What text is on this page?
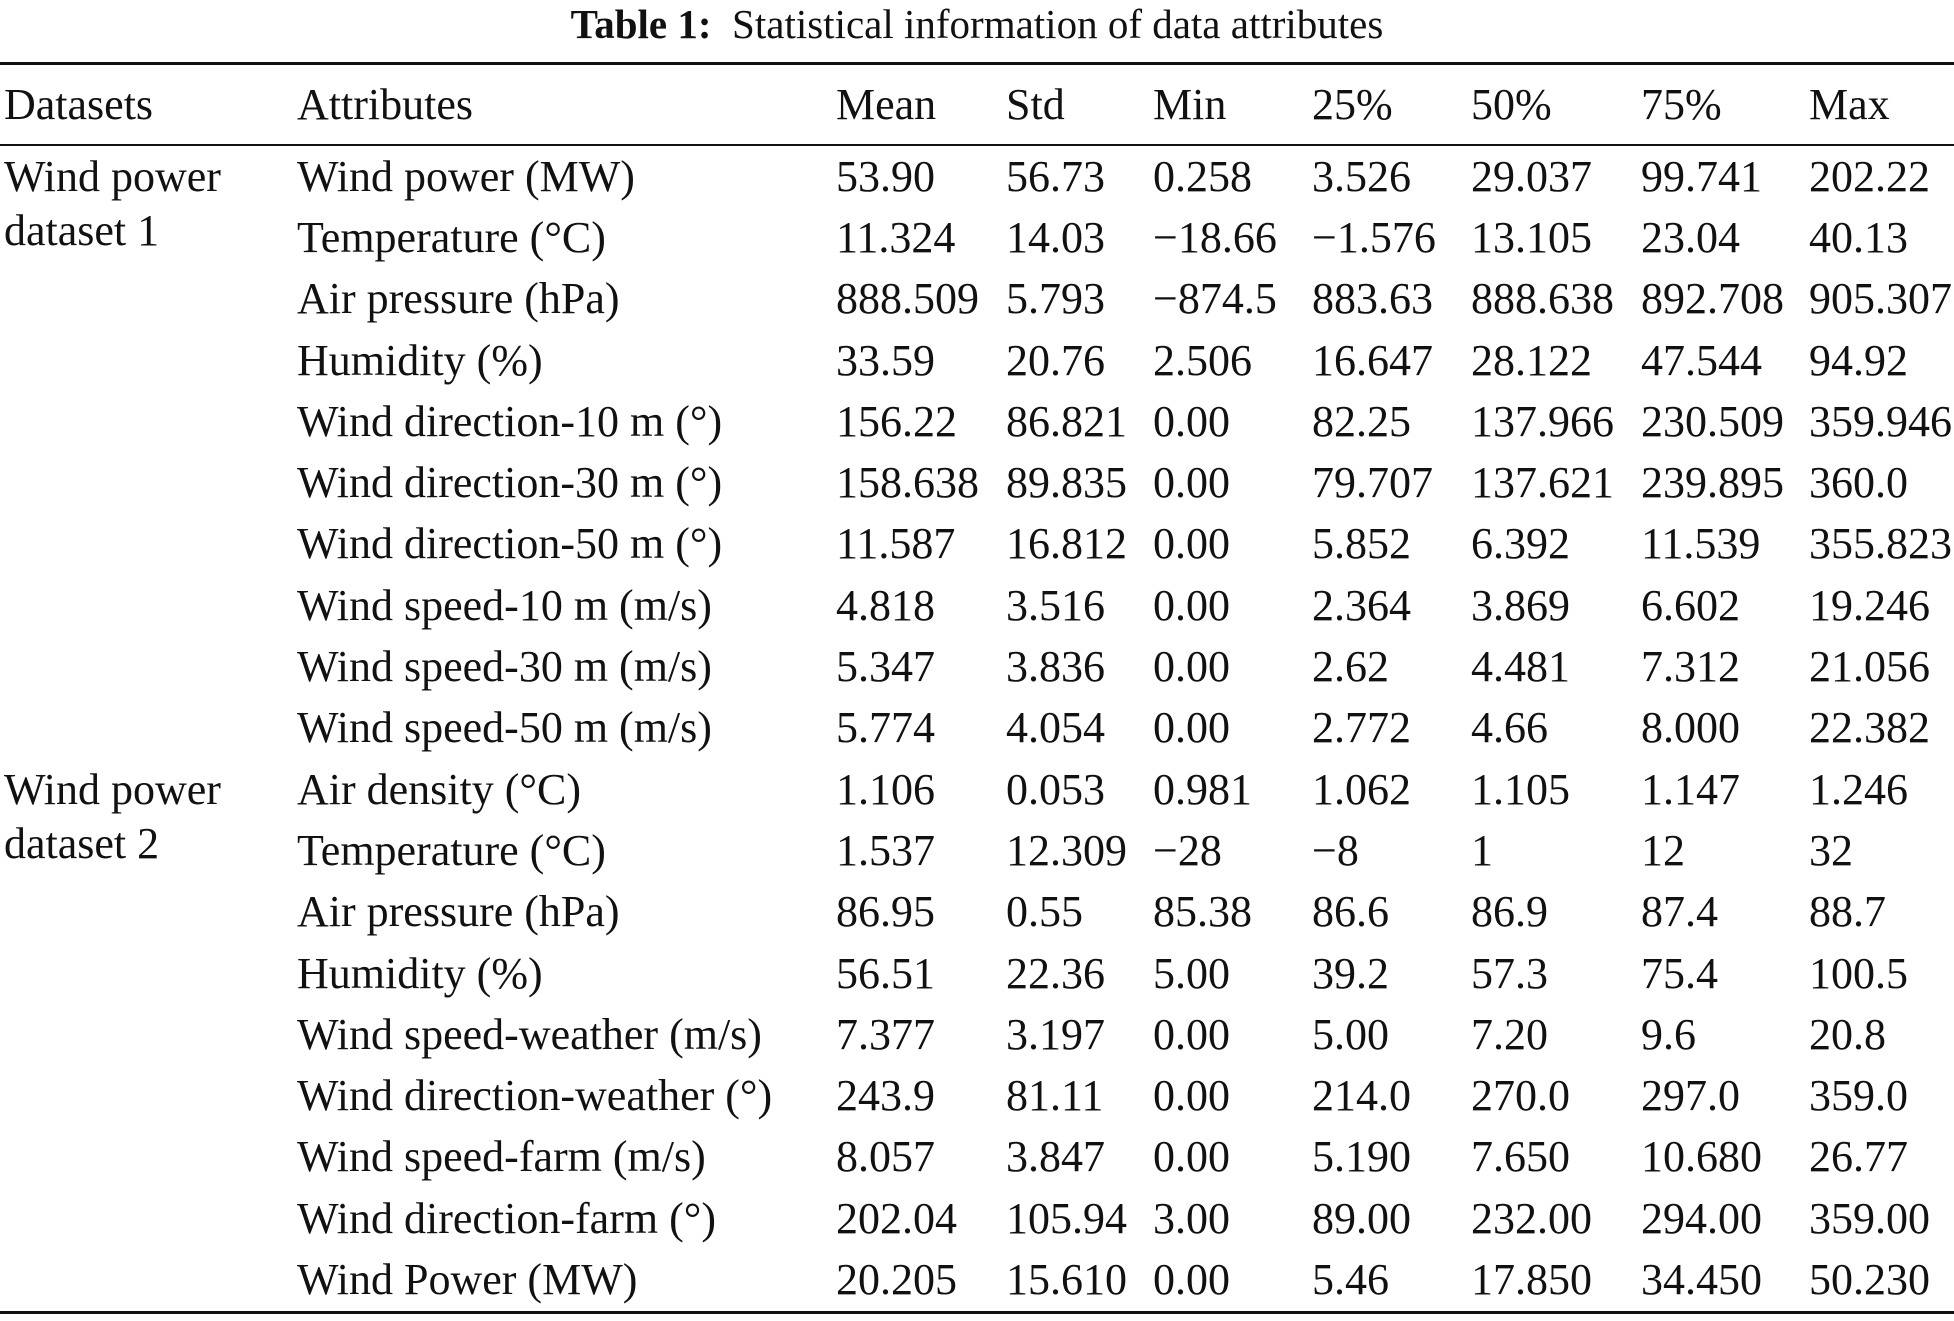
Table 1: Statistical information of data attributes
Datasets	Attributes	Mean	Std	Min	25%	50%	75%	Max
Wind power dataset 1	Wind power (MW)	53.90	56.73	0.258	3.526	29.037	99.741	202.22
	Temperature (°C)	11.324	14.03	−18.66	−1.576	13.105	23.04	40.13
	Air pressure (hPa)	888.509	5.793	−874.5	883.63	888.638	892.708	905.307
	Humidity (%)	33.59	20.76	2.506	16.647	28.122	47.544	94.92
	Wind direction-10 m (°)	156.22	86.821	0.00	82.25	137.966	230.509	359.946
	Wind direction-30 m (°)	158.638	89.835	0.00	79.707	137.621	239.895	360.0
	Wind direction-50 m (°)	11.587	16.812	0.00	5.852	6.392	11.539	355.823
	Wind speed-10 m (m/s)	4.818	3.516	0.00	2.364	3.869	6.602	19.246
	Wind speed-30 m (m/s)	5.347	3.836	0.00	2.62	4.481	7.312	21.056
	Wind speed-50 m (m/s)	5.774	4.054	0.00	2.772	4.66	8.000	22.382
Wind power dataset 2	Air density (°C)	1.106	0.053	0.981	1.062	1.105	1.147	1.246
	Temperature (°C)	1.537	12.309	−28	−8	1	12	32
	Air pressure (hPa)	86.95	0.55	85.38	86.6	86.9	87.4	88.7
	Humidity (%)	56.51	22.36	5.00	39.2	57.3	75.4	100.5
	Wind speed-weather (m/s)	7.377	3.197	0.00	5.00	7.20	9.6	20.8
	Wind direction-weather (°)	243.9	81.11	0.00	214.0	270.0	297.0	359.0
	Wind speed-farm (m/s)	8.057	3.847	0.00	5.190	7.650	10.680	26.77
	Wind direction-farm (°)	202.04	105.94	3.00	89.00	232.00	294.00	359.00
	Wind Power (MW)	20.205	15.610	0.00	5.46	17.850	34.450	50.230
